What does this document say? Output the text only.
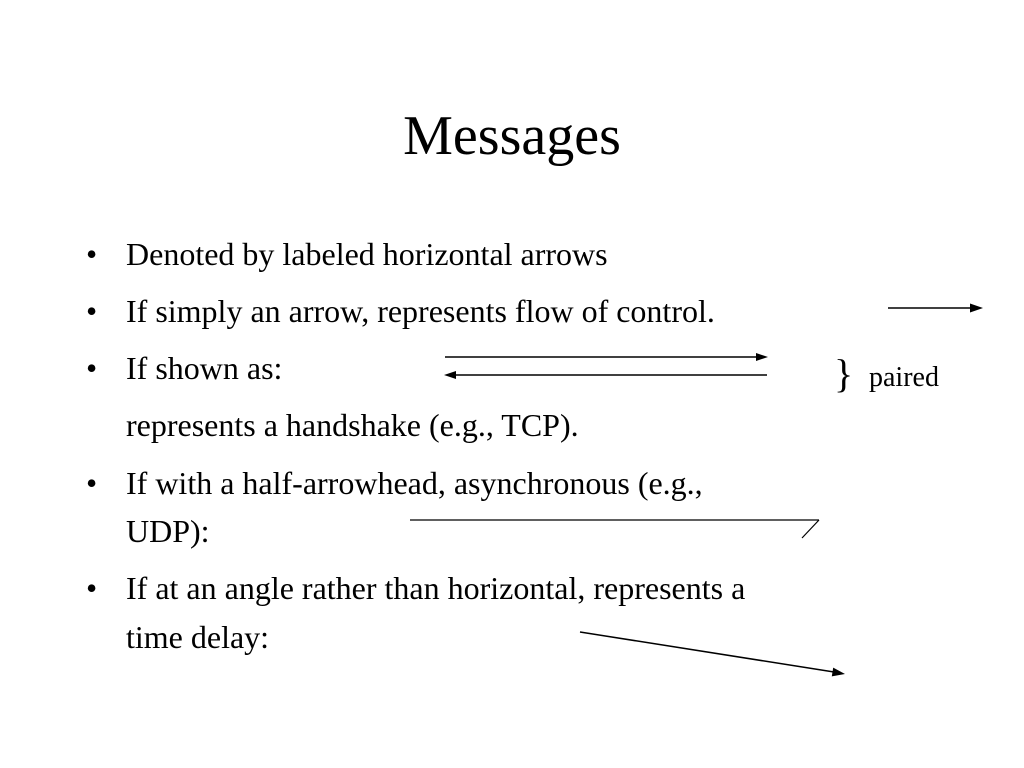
Messages
• Denoted by labeled horizontal arrows
• If simply an arrow, represents flow of control.
• If shown as:
represents a handshake (e.g., TCP).
• If with a half-arrowhead, asynchronous (e.g.,
UDP):
• If at an angle rather than horizontal, represents a
time delay:
} paired
